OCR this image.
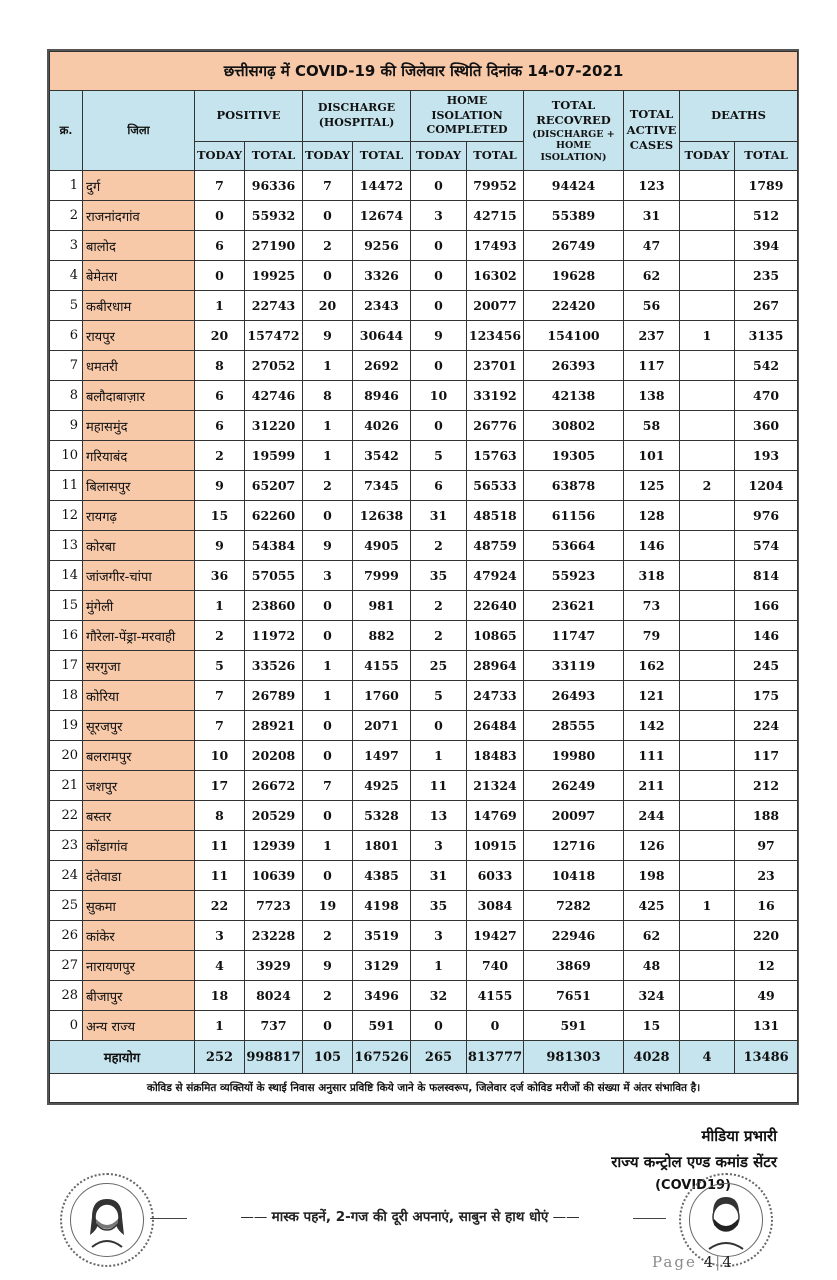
छत्तीसगढ़ में COVID-19 की जिलेवार स्थिति दिनांक 14-07-2021											
क्र.	जिला	POSITIVE		DISCHARGE (HOSPITAL)		HOME ISOLATION COMPLETED		TOTAL RECOVRED
(DISCHARGE + HOME ISOLATION)	TOTAL ACTIVE CASES	DEATHS	
		TODAY	TOTAL	TODAY	TOTAL	TODAY	TOTAL			TODAY	TOTAL
1	दुर्ग	7	96336	7	14472	0	79952	94424	123		1789
2	राजनांदगांव	0	55932	0	12674	3	42715	55389	31		512
3	बालोद	6	27190	2	9256	0	17493	26749	47		394
4	बेमेतरा	0	19925	0	3326	0	16302	19628	62		235
5	कबीरधाम	1	22743	20	2343	0	20077	22420	56		267
6	रायपुर	20	157472	9	30644	9	123456	154100	237	1	3135
7	धमतरी	8	27052	1	2692	0	23701	26393	117		542
8	बलौदाबाज़ार	6	42746	8	8946	10	33192	42138	138		470
9	महासमुंद	6	31220	1	4026	0	26776	30802	58		360
10	गरियाबंद	2	19599	1	3542	5	15763	19305	101		193
11	बिलासपुर	9	65207	2	7345	6	56533	63878	125	2	1204
12	रायगढ़	15	62260	0	12638	31	48518	61156	128		976
13	कोरबा	9	54384	9	4905	2	48759	53664	146		574
14	जांजगीर-चांपा	36	57055	3	7999	35	47924	55923	318		814
15	मुंगेली	1	23860	0	981	2	22640	23621	73		166
16	गौरेला-पेंड्रा-मरवाही	2	11972	0	882	2	10865	11747	79		146
17	सरगुजा	5	33526	1	4155	25	28964	33119	162		245
18	कोरिया	7	26789	1	1760	5	24733	26493	121		175
19	सूरजपुर	7	28921	0	2071	0	26484	28555	142		224
20	बलरामपुर	10	20208	0	1497	1	18483	19980	111		117
21	जशपुर	17	26672	7	4925	11	21324	26249	211		212
22	बस्तर	8	20529	0	5328	13	14769	20097	244		188
23	कोंडागांव	11	12939	1	1801	3	10915	12716	126		97
24	दंतेवाडा	11	10639	0	4385	31	6033	10418	198		23
25	सुकमा	22	7723	19	4198	35	3084	7282	425	1	16
26	कांकेर	3	23228	2	3519	3	19427	22946	62		220
27	नारायणपुर	4	3929	9	3129	1	740	3869	48		12
28	बीजापुर	18	8024	2	3496	32	4155	7651	324		49
0	अन्य राज्य	1	737	0	591	0	0	591	15		131
महायोग		252	998817	105	167526	265	813777	981303	4028	4	13486
कोविड से संक्रमित व्यक्तियों के स्थाई निवास अनुसार प्रविष्टि किये जाने के फलस्वरूप, जिलेवार दर्ज कोविड मरीजों की संख्या में अंतर संभावित है।											
मीडिया प्रभारी
राज्य कन्ट्रोल एण्ड कमांड सेंटर
(COVID19)
—— मास्क पहनें, 2-गज की दूरी अपनाएं, साबुन से हाथ धोएं ——
Page 4|4
